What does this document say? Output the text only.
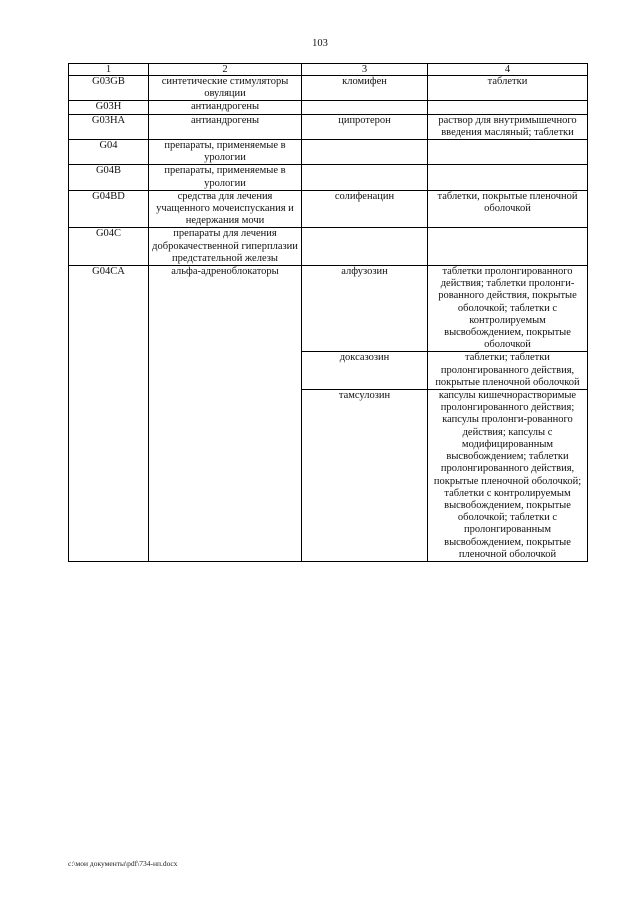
103
1	2	3	4
G03GB	синтетические стимуляторы овуляции	кломифен	таблетки
G03H	антиандрогены		
G03HA	антиандрогены	ципротерон	раствор для внутримышечного введения масляный; таблетки
G04	препараты, применяемые в урологии		
G04B	препараты, применяемые в урологии		
G04BD	средства для лечения учащенного мочеиспускания и недержания мочи	солифенацин	таблетки, покрытые пленочной оболочкой
G04C	препараты для лечения доброкачественной гиперплазии предстательной железы		
G04CA	альфа-адреноблокаторы	алфузозин	таблетки пролонгированного действия; таблетки пролонги-рованного действия, покрытые оболочкой; таблетки с контролируемым высвобождением, покрытые оболочкой
		доксазозин	таблетки; таблетки пролонгированного действия, покрытые пленочной оболочкой
		тамсулозин	капсулы кишечнорастворимые пролонгированного действия; капсулы пролонги-рованного действия; капсулы с модифицированным высвобождением; таблетки пролонгированного действия, покрытые пленочной оболочкой; таблетки с контролируемым высвобождением, покрытые оболочкой; таблетки с пролонгированным высвобождением, покрытые пленочной оболочкой
c:\мои документы\pdf\734-нп.docx
